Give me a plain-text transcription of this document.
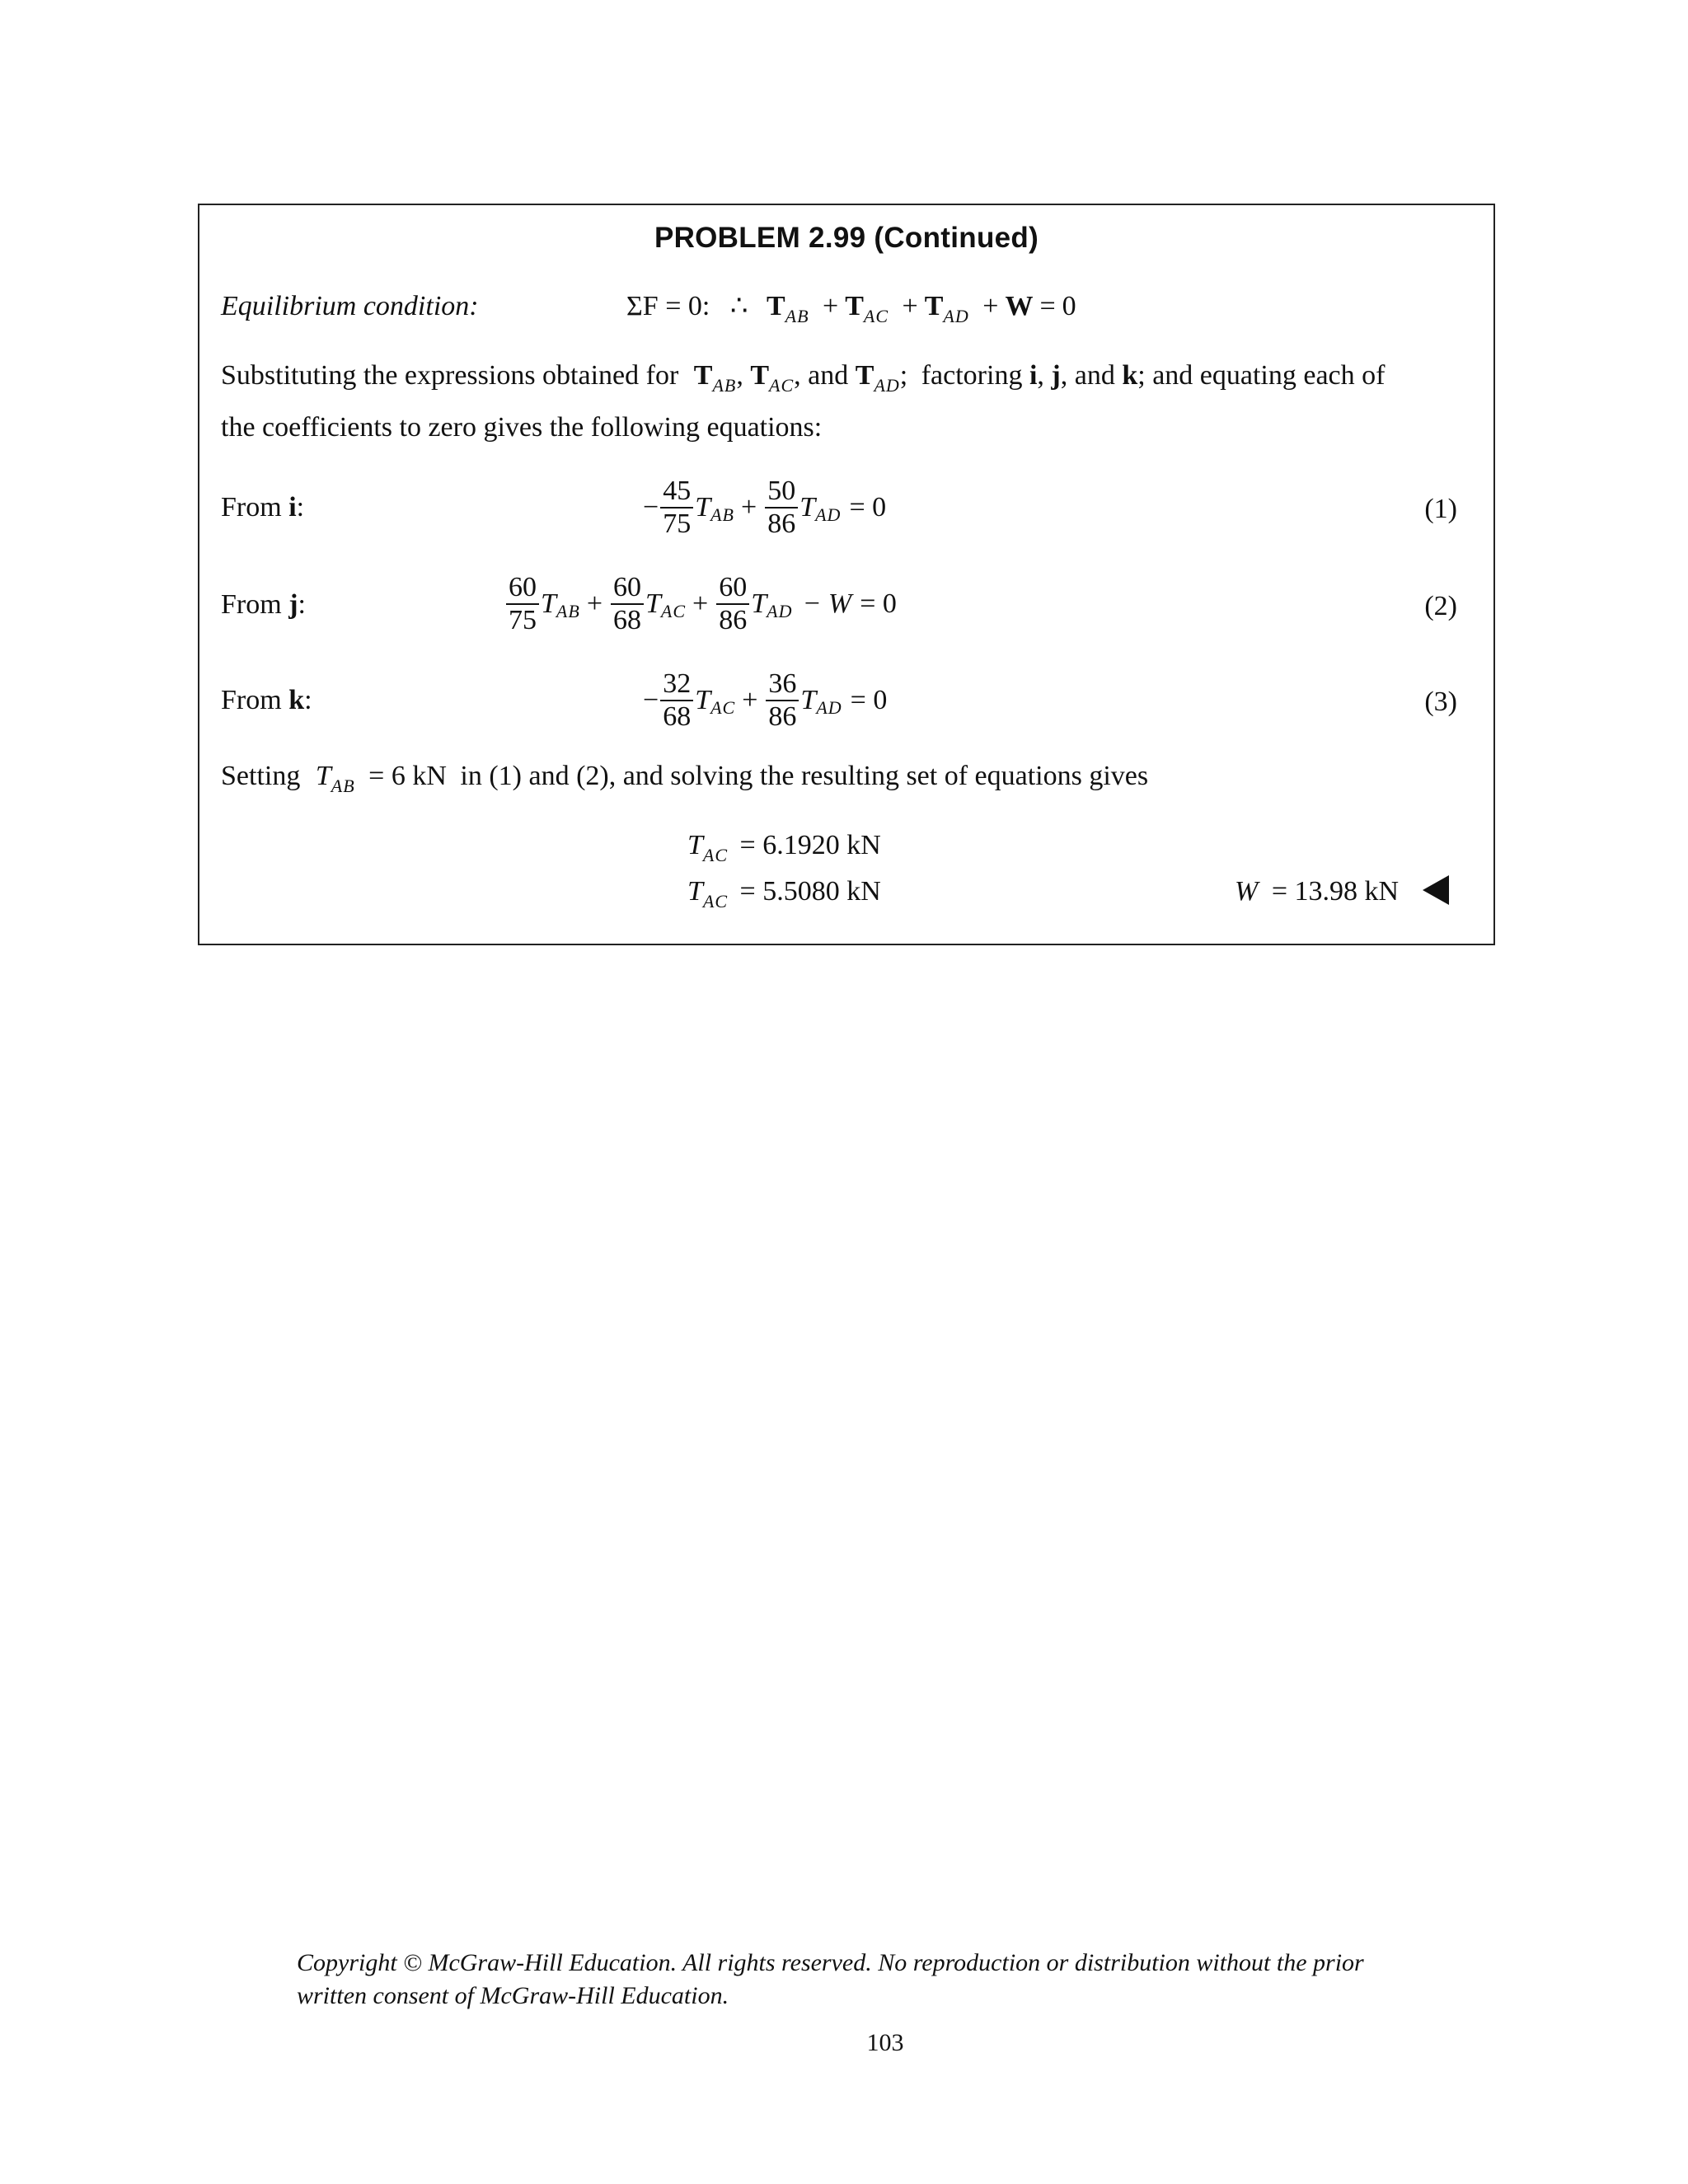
PROBLEM 2.99 (Continued)
Equilibrium condition:	ΣF = 0: ∴ $T_{AB} + T_{AC} + T_{AD} + W = 0$
Substituting the expressions obtained for $T_{AB}$, $T_{AC}$, and $T_{AD}$; factoring i, j, and k; and equating each of
the coefficients to zero gives the following equations:
From i:	− $\frac{45}{75}$ T AB + $\frac{50}{86}$ T AD = 0	(1)
From j:	$\frac{60}{75}$ T AB + $\frac{60}{68}$ T AC + $\frac{60}{86}$ T AD − W = 0	(2)
From k:	− $\frac{32}{68}$ T AC + $\frac{36}{86}$ T AD = 0	(3)
Setting $T_{AB} = 6$ kN in (1) and (2), and solving the resulting set of equations gives
$T_{AC} = 6.1920$ kN
$T_{AC} = 5.5080$ kN	W = 13.98 kN
Copyright © McGraw-Hill Education. All rights reserved. No reproduction or distribution without the prior
written consent of McGraw-Hill Education.
103
